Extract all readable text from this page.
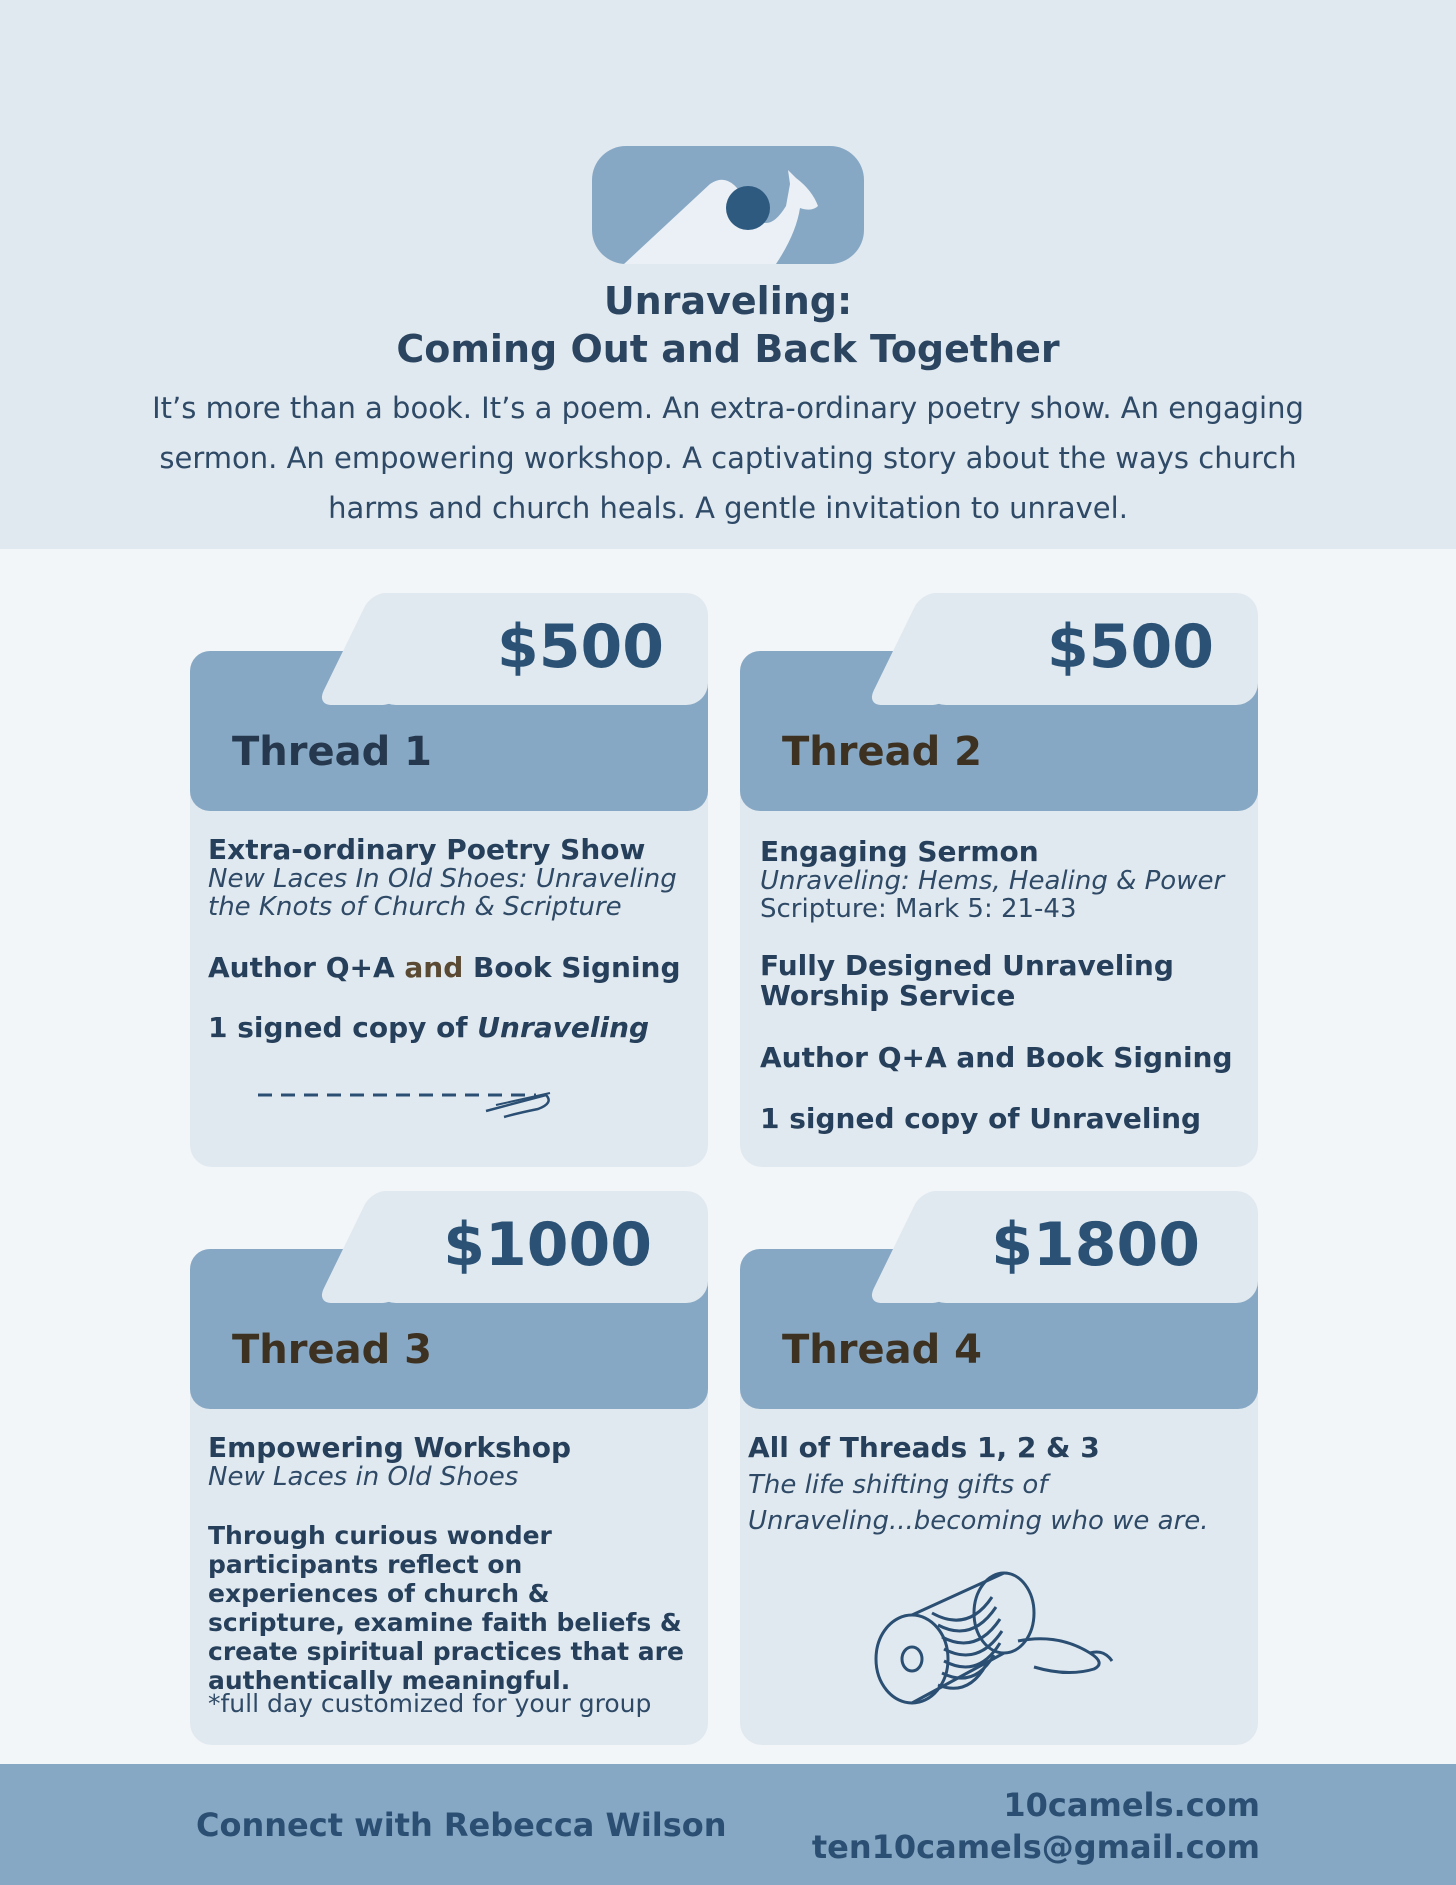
Unraveling:
Coming Out and Back Together
It’s more than a book. It’s a poem. An extra-ordinary poetry show. An engaging sermon. An empowering workshop. A captivating story about the ways church harms and church heals. A gentle invitation to unravel.
$500
Thread 1
Extra-ordinary Poetry Show
New Laces In Old Shoes: Unraveling the Knots of Church & Scripture
Author Q+A and Book Signing
1 signed copy of Unraveling
$500
Thread 2
Engaging Sermon
Unraveling: Hems, Healing & Power
Scripture: Mark 5: 21-43
Fully Designed Unraveling Worship Service
Author Q+A and Book Signing
1 signed copy of Unraveling
$1000
Thread 3
Empowering Workshop
New Laces in Old Shoes
Through curious wonder participants reflect on experiences of church & scripture, examine faith beliefs & create spiritual practices that are authentically meaningful.
*full day customized for your group
$1800
Thread 4
All of Threads 1, 2 & 3
The life shifting gifts of Unraveling...becoming who we are.
Connect with Rebecca Wilson
10camels.com
ten10camels@gmail.com
